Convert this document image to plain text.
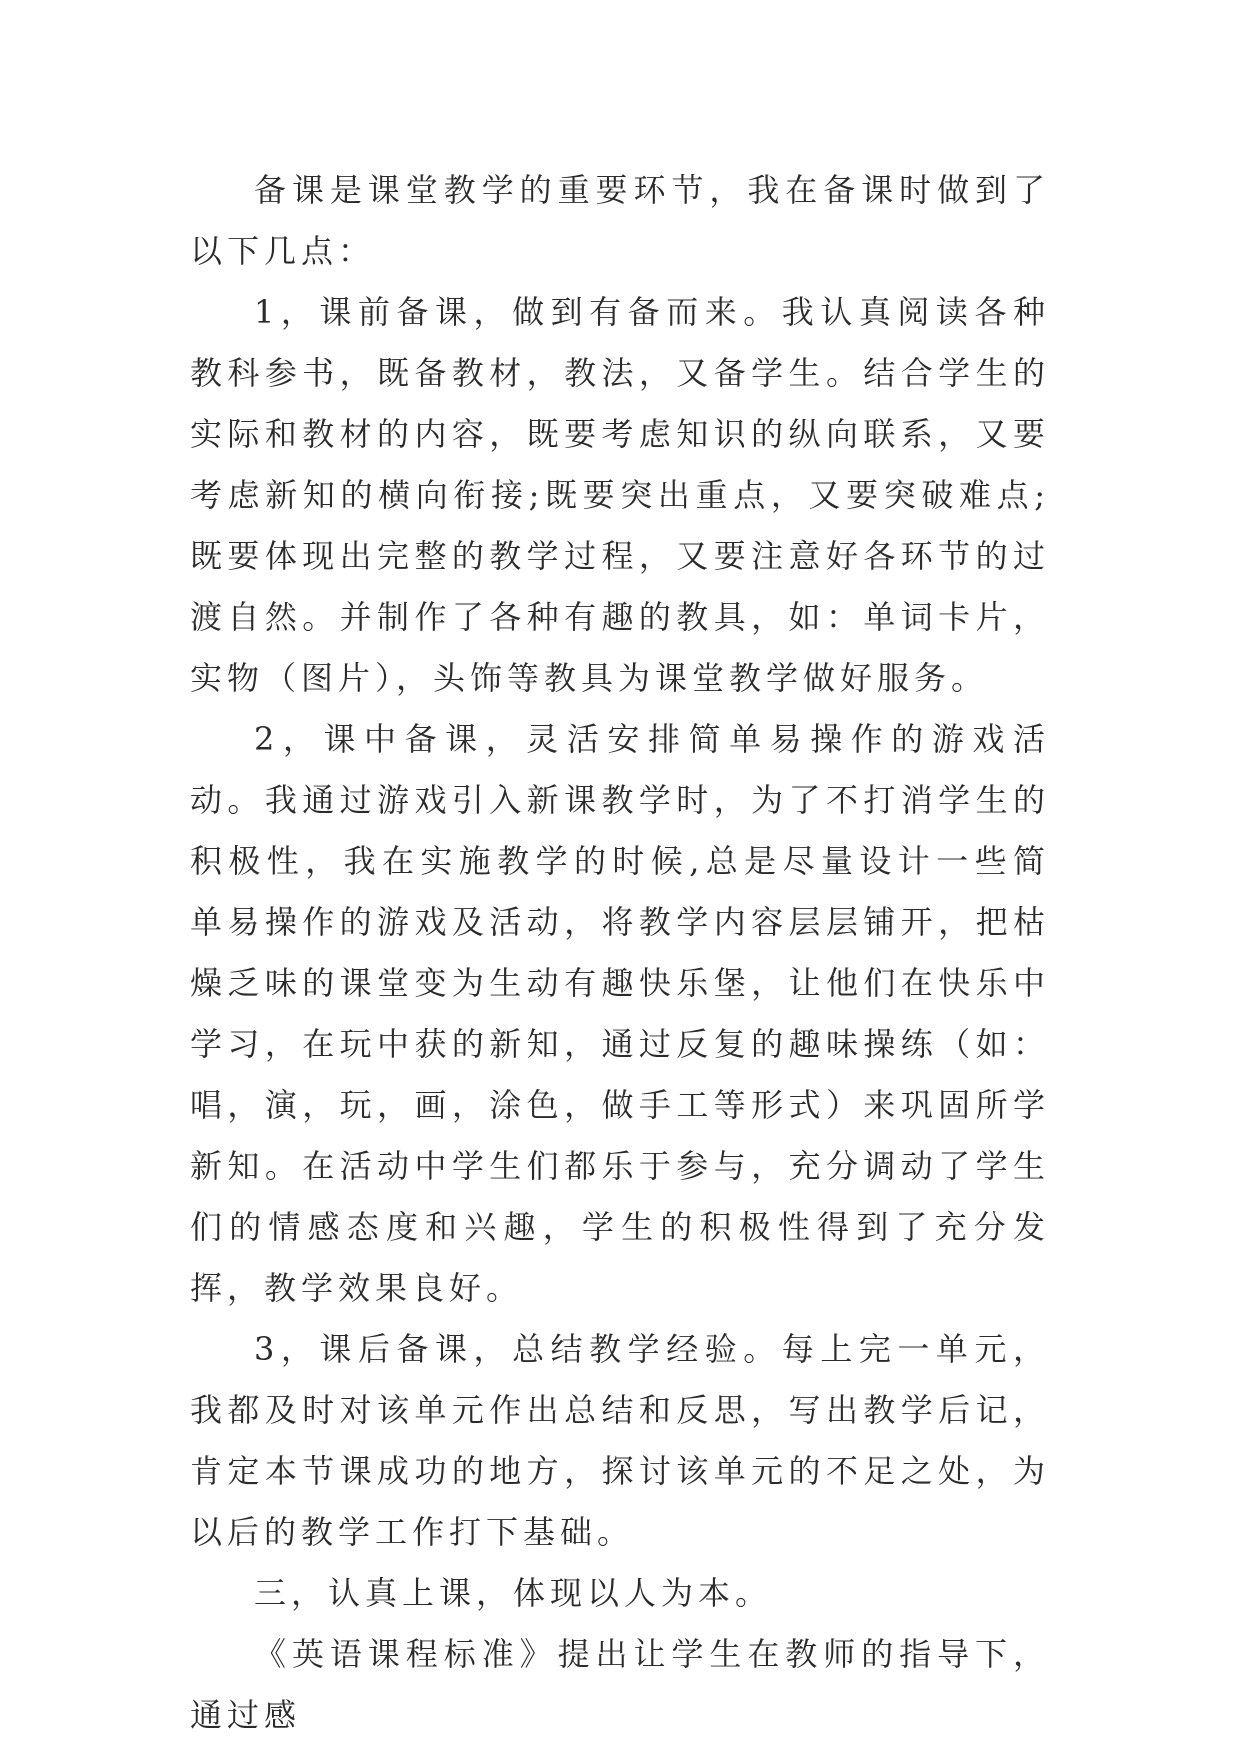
备课是课堂教学的重要环节，我在备课时做到了以下几点：

1，课前备课，做到有备而来。我认真阅读各种教科参书，既备教材，教法，又备学生。结合学生的实际和教材的内容，既要考虑知识的纵向联系，又要考虑新知的横向衔接;既要突出重点，又要突破难点;既要体现出完整的教学过程，又要注意好各环节的过渡自然。并制作了各种有趣的教具，如：单词卡片，实物（图片），头饰等教具为课堂教学做好服务。

2，课中备课，灵活安排简单易操作的游戏活动。我通过游戏引入新课教学时，为了不打消学生的积极性，我在实施教学的时候,总是尽量设计一些简单易操作的游戏及活动，将教学内容层层铺开，把枯燥乏味的课堂变为生动有趣快乐堡，让他们在快乐中学习，在玩中获的新知，通过反复的趣味操练（如：唱，演，玩，画，涂色，做手工等形式）来巩固所学新知。在活动中学生们都乐于参与，充分调动了学生们的情感态度和兴趣，学生的积极性得到了充分发挥，教学效果良好。

3，课后备课，总结教学经验。每上完一单元，我都及时对该单元作出总结和反思，写出教学后记，肯定本节课成功的地方，探讨该单元的不足之处，为以后的教学工作打下基础。

三，认真上课，体现以人为本。

《英语课程标准》提出让学生在教师的指导下，通过感
